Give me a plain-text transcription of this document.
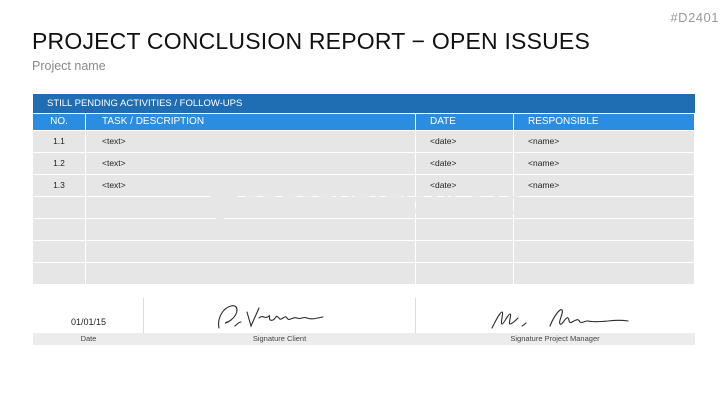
#D2401
PROJECT CONCLUSION REPORT − OPEN ISSUES
Project name
STILL PENDING ACTIVITIES / FOLLOW-UPS
NO.	TASK / DESCRIPTION	DATE	RESPONSIBLE
1.1	<text>	<date>	<name>
1.2	<text>	<date>	<name>
1.3	<text>	<date>	<name>
01/01/15
Date	Signature Client	Signature Project Manager
